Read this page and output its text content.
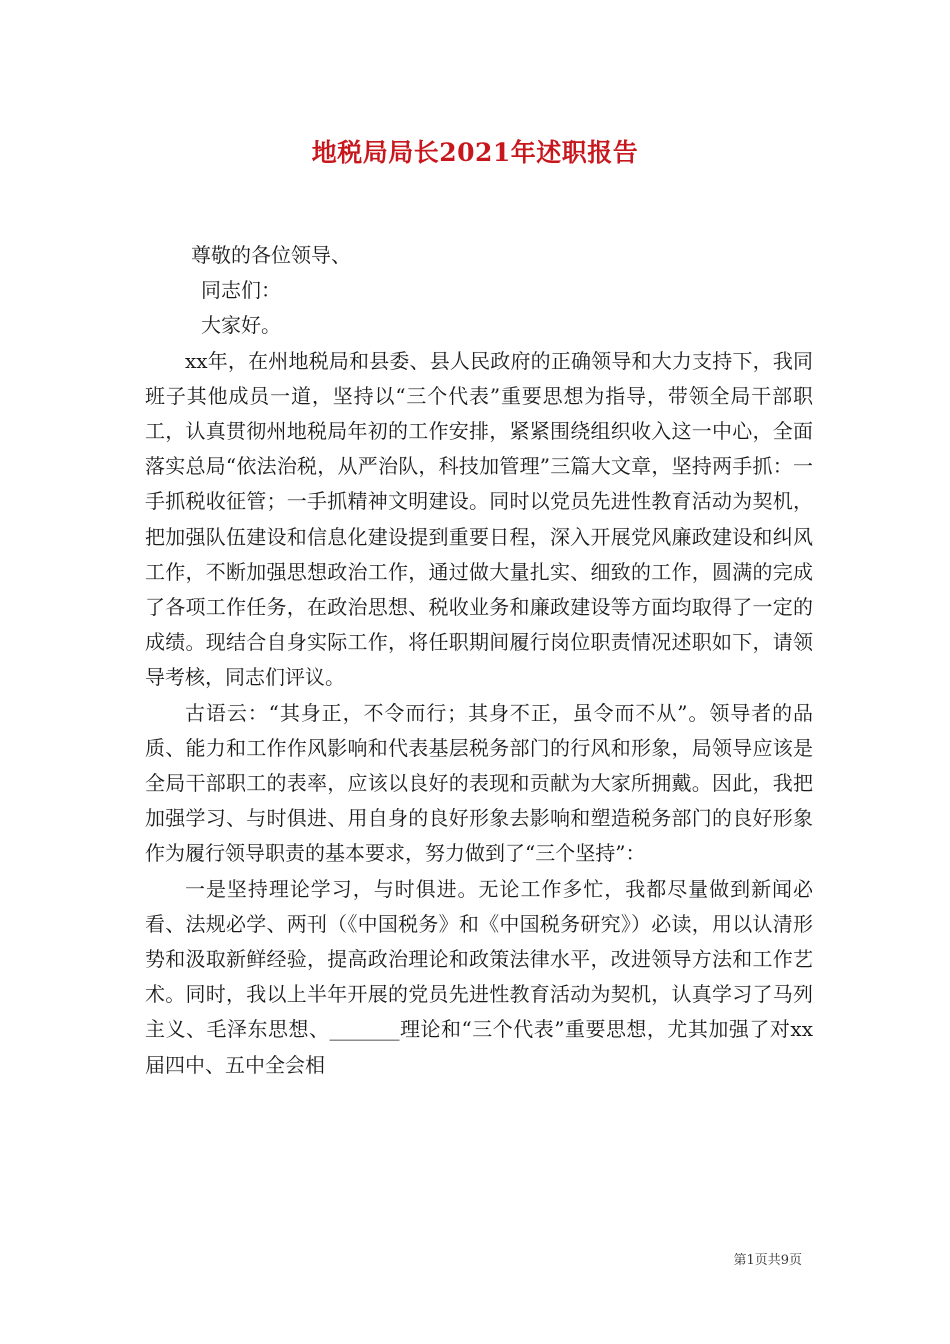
地税局局长2021年述职报告

尊敬的各位领导、

同志们：

大家好。

xx年，在州地税局和县委、县人民政府的正确领导和大力支持下，我同班子其他成员一道，坚持以“三个代表”重要思想为指导，带领全局干部职工，认真贯彻州地税局年初的工作安排，紧紧围绕组织收入这一中心，全面落实总局“依法治税，从严治队，科技加管理”三篇大文章，坚持两手抓：一手抓税收征管；一手抓精神文明建设。同时以党员先进性教育活动为契机，把加强队伍建设和信息化建设提到重要日程，深入开展党风廉政建设和纠风工作，不断加强思想政治工作，通过做大量扎实、细致的工作，圆满的完成了各项工作任务，在政治思想、税收业务和廉政建设等方面均取得了一定的成绩。现结合自身实际工作，将任职期间履行岗位职责情况述职如下，请领导考核，同志们评议。

古语云：“其身正，不令而行；其身不正，虽令而不从”。领导者的品质、能力和工作作风影响和代表基层税务部门的行风和形象，局领导应该是全局干部职工的表率，应该以良好的表现和贡献为大家所拥戴。因此，我把加强学习、与时俱进、用自身的良好形象去影响和塑造税务部门的良好形象作为履行领导职责的基本要求，努力做到了“三个坚持”：

一是坚持理论学习，与时俱进。无论工作多忙，我都尽量做到新闻必看、法规必学、两刊（《中国税务》和《中国税务研究》）必读，用以认清形势和汲取新鲜经验，提高政治理论和政策法律水平，改进领导方法和工作艺术。同时，我以上半年开展的党员先进性教育活动为契机，认真学习了马列主义、毛泽东思想、_______理论和“三个代表”重要思想，尤其加强了对xx届四中、五中全会相

第1页共9页
